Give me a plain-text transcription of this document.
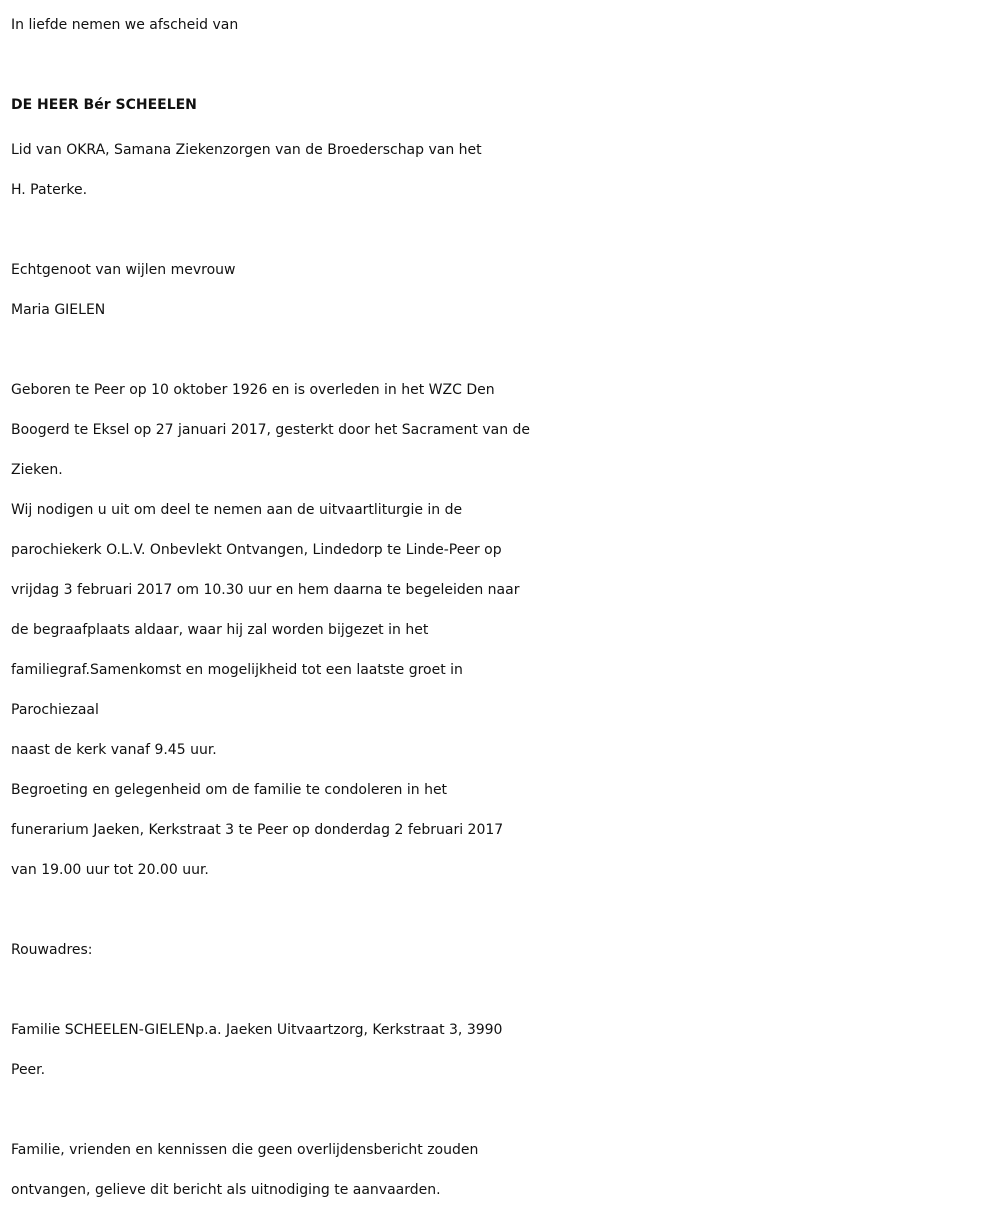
In liefde nemen we afscheid van

DE HEER Bér SCHEELEN

Lid van OKRA, Samana Ziekenzorgen van de Broederschap van het

H. Paterke.

Echtgenoot van wijlen mevrouw

Maria GIELEN

Geboren te Peer op 10 oktober 1926 en is overleden in het WZC Den

Boogerd te Eksel op 27 januari 2017, gesterkt door het Sacrament van de

Zieken.

Wij nodigen u uit om deel te nemen aan de uitvaartliturgie in de

parochiekerk O.L.V. Onbevlekt Ontvangen, Lindedorp te Linde-Peer op

vrijdag 3 februari 2017 om 10.30 uur en hem daarna te begeleiden naar

de begraafplaats aldaar, waar hij zal worden bijgezet in het

familiegraf.Samenkomst en mogelijkheid tot een laatste groet in

Parochiezaal

naast de kerk vanaf 9.45 uur.

Begroeting en gelegenheid om de familie te condoleren in het

funerarium Jaeken, Kerkstraat 3 te Peer op donderdag 2 februari 2017

van 19.00 uur tot 20.00 uur.

Rouwadres:

Familie SCHEELEN-GIELENp.a. Jaeken Uitvaartzorg, Kerkstraat 3, 3990

Peer.

Familie, vrienden en kennissen die geen overlijdensbericht zouden

ontvangen, gelieve dit bericht als uitnodiging te aanvaarden.
